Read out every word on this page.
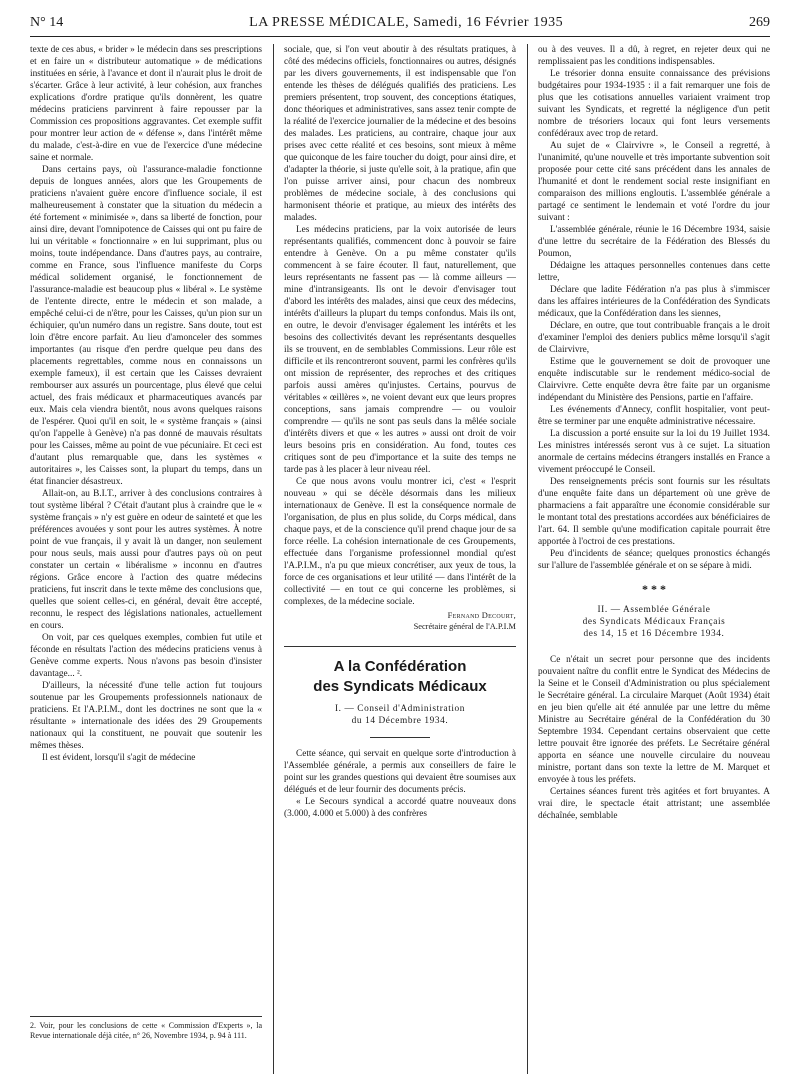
N° 14	LA PRESSE MÉDICALE, Samedi, 16 Février 1935	269

texte de ces abus, « brider » le médecin dans ses prescriptions et en faire un « distributeur automatique » de médications instituées en série, à l'avance et dont il n'aurait plus le droit de s'écarter. Grâce à leur activité, à leur cohésion, aux franches explications d'ordre pratique qu'ils donnèrent, les quatre médecins praticiens parvinrent à faire repousser par la Commission ces propositions aggravantes. Cet exemple suffit pour montrer leur action de « défense », dans l'intérêt même du malade, c'est-à-dire en vue de l'exercice d'une médecine saine et normale.

Dans certains pays, où l'assurance-maladie fonctionne depuis de longues années, alors que les Groupements de praticiens n'avaient guère encore d'influence sociale, il est malheureusement à constater que la situation du médecin a été fortement « minimisée », dans sa liberté de fonction, pour ainsi dire, devant l'omnipotence de Caisses qui ont pu faire de lui un véritable « fonctionnaire » en lui supprimant, plus ou moins, toute indépendance. Dans d'autres pays, au contraire, comme en France, sous l'influence manifeste du Corps médical solidement organisé, le fonctionnement de l'assurance-maladie est beaucoup plus « libéral ». Le système de l'entente directe, entre le médecin et son malade, a empêché celui-ci de n'être, pour les Caisses, qu'un pion sur un échiquier, qu'un numéro dans un registre. Sans doute, tout est loin d'être encore parfait. Au lieu d'amonceler des sommes importantes (au risque d'en perdre quelque peu dans des placements regrettables, comme nous en connaissons un exemple fameux), il est certain que les Caisses devraient rembourser aux assurés un pourcentage, plus élevé que celui actuel, des frais médicaux et pharmaceutiques avancés par eux. Mais cela viendra bientôt, nous avons quelques raisons de l'espérer. Quoi qu'il en soit, le « système français » (ainsi qu'on l'appelle à Genève) n'a pas donné de mauvais résultats pour les Caisses, même au point de vue pécuniaire. Et ceci est d'autant plus remarquable que, dans les systèmes « autoritaires », les Caisses sont, la plupart du temps, dans un état financier désastreux.

Allait-on, au B.I.T., arriver à des conclusions contraires à tout système libéral ? C'était d'autant plus à craindre que le « système français » n'y est guère en odeur de sainteté et que les préférences avouées y sont pour les autres systèmes. À notre point de vue français, il y avait là un danger, non seulement pour nous seuls, mais aussi pour d'autres pays où on peut constater un certain « libéralisme » inconnu en d'autres régions. Grâce encore à l'action des quatre médecins praticiens, fut inscrit dans le texte même des conclusions que, quelles que soient celles-ci, en général, devait être accepté, reconnu, le respect des législations nationales, actuellement en cours.

On voit, par ces quelques exemples, combien fut utile et féconde en résultats l'action des médecins praticiens venus à Genève comme experts. Nous n'avons pas besoin d'insister davantage... ².

D'ailleurs, la nécessité d'une telle action fut toujours soutenue par les Groupements professionnels nationaux de praticiens. Et l'A.P.I.M., dont les doctrines ne sont que la « résultante » internationale des idées des 29 Groupements nationaux qui la constituent, ne pouvait que soutenir les mêmes thèses.

Il est évident, lorsqu'il s'agit de médecine

2. Voir, pour les conclusions de cette « Commission d'Experts », la Revue internationale déjà citée, n° 26, Novembre 1934, p. 94 à 111.

sociale, que, si l'on veut aboutir à des résultats pratiques, à côté des médecins officiels, fonctionnaires ou autres, désignés par les divers gouvernements, il est indispensable que l'on entende les thèses de délégués qualifiés des praticiens. Les premiers présentent, trop souvent, des conceptions étatiques, donc théoriques et administratives, sans assez tenir compte de la réalité de l'exercice journalier de la médecine et des besoins des malades. Les praticiens, au contraire, chaque jour aux prises avec cette réalité et ces besoins, sont mieux à même que quiconque de les faire toucher du doigt, pour ainsi dire, et d'adapter la théorie, si juste qu'elle soit, à la pratique, afin que l'on puisse arriver ainsi, pour chacun des nombreux problèmes de médecine sociale, à des conclusions qui harmonisent théorie et pratique, au mieux des intérêts des malades.

Les médecins praticiens, par la voix autorisée de leurs représentants qualifiés, commencent donc à pouvoir se faire entendre à Genève. On a pu même constater qu'ils commencent à se faire écouter. Il faut, naturellement, que leurs représentants ne fassent pas — là comme ailleurs — mine d'intransigeants. Ils ont le devoir d'envisager tout d'abord les intérêts des malades, ainsi que ceux des médecins, intérêts d'ailleurs la plupart du temps confondus. Mais ils ont, en outre, le devoir d'envisager également les intérêts et les besoins des collectivités devant les représentants desquelles ils se trouvent, en de semblables Commissions. Leur rôle est difficile et ils rencontreront souvent, parmi les confrères qu'ils ont mission de représenter, des reproches et des critiques parfois aussi amères qu'injustes. Certains, pourvus de véritables « œillères », ne voient devant eux que leurs propres conceptions, sans jamais comprendre — ou vouloir comprendre — qu'ils ne sont pas seuls dans la mêlée sociale d'intérêts divers et que « les autres » aussi ont droit de voir leurs besoins pris en considération. Au fond, toutes ces critiques sont de peu d'importance et la suite des temps ne tarde pas à les placer à leur niveau réel.

Ce que nous avons voulu montrer ici, c'est « l'esprit nouveau » qui se décèle désormais dans les milieux internationaux de Genève. Il est la conséquence normale de l'organisation, de plus en plus solide, du Corps médical, dans chaque pays, et de la conscience qu'il prend chaque jour de sa force réelle. La cohésion internationale de ces Groupements, effectuée dans l'organisme professionnel mondial qu'est l'A.P.I.M., n'a pu que mieux concrétiser, aux yeux de tous, la force de ces organisations et leur utilité — dans l'intérêt de la collectivité — en tout ce qui concerne les problèmes, si complexes, de la médecine sociale.

Fernand Decourt,
Secrétaire général de l'A.P.I.M
A la Confédération
des Syndicats Médicaux
I. — Conseil d'Administration
du 14 Décembre 1934.

Cette séance, qui servait en quelque sorte d'introduction à l'Assemblée générale, a permis aux conseillers de faire le point sur les grandes questions qui devaient être soumises aux délégués et de leur fournir des documents précis.

« Le Secours syndical a accordé quatre nouveaux dons (3.000, 4.000 et 5.000) à des confrères

ou à des veuves. Il a dû, à regret, en rejeter deux qui ne remplissaient pas les conditions indispensables.

Le trésorier donna ensuite connaissance des prévisions budgétaires pour 1934-1935 : il a fait remarquer une fois de plus que les cotisations annuelles variaient vraiment trop suivant les Syndicats, et regretté la négligence d'un petit nombre de trésoriers locaux qui font leurs versements confédéraux avec trop de retard.

Au sujet de « Clairvivre », le Conseil a regretté, à l'unanimité, qu'une nouvelle et très importante subvention soit proposée pour cette cité sans précédent dans les annales de l'humanité et dont le rendement social reste insignifiant en comparaison des millions engloutis. L'assemblée générale a partagé ce sentiment le lendemain et voté l'ordre du jour suivant :

L'assemblée générale, réunie le 16 Décembre 1934, saisie d'une lettre du secrétaire de la Fédération des Blessés du Poumon,

Dédaigne les attaques personnelles contenues dans cette lettre,

Déclare que ladite Fédération n'a pas plus à s'immiscer dans les affaires intérieures de la Confédération des Syndicats médicaux, que la Confédération dans les siennes,

Déclare, en outre, que tout contribuable français a le droit d'examiner l'emploi des deniers publics même lorsqu'il s'agit de Clairvivre,

Estime que le gouvernement se doit de provoquer une enquête indiscutable sur le rendement médico-social de Clairvivre. Cette enquête devra être faite par un organisme indépendant du Ministère des Pensions, partie en l'affaire.

Les événements d'Annecy, conflit hospitalier, vont peut-être se terminer par une enquête administrative nécessaire.

La discussion a porté ensuite sur la loi du 19 Juillet 1934. Les ministres intéressés seront vus à ce sujet. La situation anormale de certains médecins étrangers installés en France a vivement préoccupé le Conseil.

Des renseignements précis sont fournis sur les résultats d'une enquête faite dans un département où une grève de pharmaciens a fait apparaître une économie considérable sur le montant total des prestations accordées aux bénéficiaires de l'art. 64. Il semble qu'une modification capitale pourrait être apportée à l'octroi de ces prestations.

Peu d'incidents de séance; quelques pronostics échangés sur l'allure de l'assemblée générale et on se sépare à midi.

* * *
II. — Assemblée Générale
des Syndicats Médicaux Français
des 14, 15 et 16 Décembre 1934.

Ce n'était un secret pour personne que des incidents pouvaient naître du conflit entre le Syndicat des Médecins de la Seine et le Conseil d'Administration ou plus spécialement le Secrétaire général. La circulaire Marquet (Août 1934) était en jeu bien qu'elle ait été annulée par une lettre du même Ministre au Secrétaire général de la Confédération du 30 Septembre 1934. Cependant certains observaient que cette lettre pouvait être ignorée des préfets. Le Secrétaire général apporta en séance une nouvelle circulaire du nouveau ministre, portant dans son texte la lettre de M. Marquet et envoyée à tous les préfets.

Certaines séances furent très agitées et fort bruyantes. A vrai dire, le spectacle était attristant; une assemblée déchaînée, semblable
